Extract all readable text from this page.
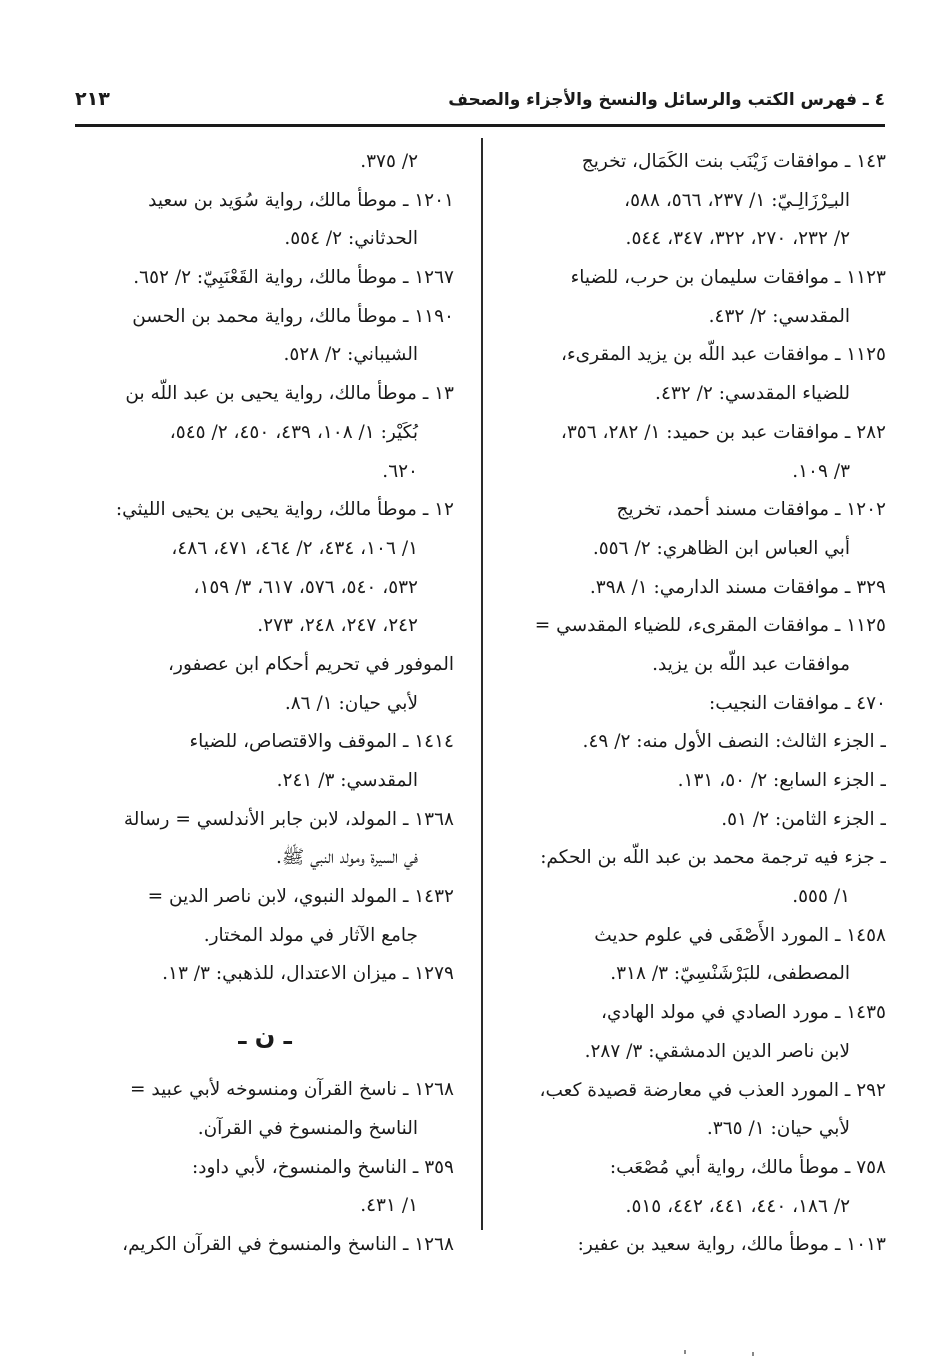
٤ ـ فهرس الكتب والرسائل والنسخ والأجزاء والصحف
٢١٣
١٤٣ ـ موافقات زَيْنَب بنت الكَمَال، تخريج
البـِرْزَالِـيّ: ١/ ٢٣٧، ٥٦٦، ٥٨٨،
٢/ ٢٣٢، ٢٧٠، ٣٢٢، ٣٤٧، ٥٤٤.
١١٢٣ ـ موافقات سليمان بن حرب، للضياء
المقدسي: ٢/ ٤٣٢.
١١٢٥ ـ موافقات عبد اللّه بن يزيد المقرىء،
للضياء المقدسي: ٢/ ٤٣٢.
٢٨٢ ـ موافقات عبد بن حميد: ١/ ٢٨٢، ٣٥٦،
٣/ ١٠٩.
١٢٠٢ ـ موافقات مسند أحمد، تخريج
أبي العباس ابن الظاهري: ٢/ ٥٥٦.
٣٢٩ ـ موافقات مسند الدارمي: ١/ ٣٩٨.
١١٢٥ ـ موافقات المقرىء، للضياء المقدسي =
موافقات عبد اللّه بن يزيد.
٤٧٠ ـ موافقات النجيب:
ـ الجزء الثالث: النصف الأول منه: ٢/ ٤٩.
ـ الجزء السابع: ٢/ ٥٠، ١٣١.
ـ الجزء الثامن: ٢/ ٥١.
ـ جزء فيه ترجمة محمد بن عبد اللّه بن الحكم:
١/ ٥٥٥.
١٤٥٨ ـ المورد الأَصْفَى في علوم حديث
المصطفى، للبَرْشَنْسِيّ: ٣/ ٣١٨.
١٤٣٥ ـ مورد الصادي في مولد الهادي،
لابن ناصر الدين الدمشقي: ٣/ ٢٨٧.
٢٩٢ ـ المورد العذب في معارضة قصيدة كعب،
لأبي حيان: ١/ ٣٦٥.
٧٥٨ ـ موطأ مالك، رواية أبي مُصْعَب:
٢/ ١٨٦، ٤٤٠، ٤٤١، ٤٤٢، ٥١٥.
١٠١٣ ـ موطأ مالك، رواية سعيد بن عفير:
٢/ ٣٧٥.
١٢٠١ ـ موطأ مالك، رواية سُوَيد بن سعيد
الحدثاني: ٢/ ٥٥٤.
١٢٦٧ ـ موطأ مالك، رواية القَعْنَبِيّ: ٢/ ٦٥٢.
١١٩٠ ـ موطأ مالك، رواية محمد بن الحسن
الشيباني: ٢/ ٥٢٨.
١٣ ـ موطأ مالك، رواية يحيى بن عبد اللّه بن
بُكَيْر: ١/ ١٠٨، ٤٣٩، ٤٥٠، ٢/ ٥٤٥،
٦٢٠.
١٢ ـ موطأ مالك، رواية يحيى بن يحيى الليثي:
١/ ١٠٦، ٤٣٤، ٢/ ٤٦٤، ٤٧١، ٤٨٦،
٥٣٢، ٥٤٠، ٥٧٦، ٦١٧، ٣/ ١٥٩،
٢٤٢، ٢٤٧، ٢٤٨، ٢٧٣.
الموفور في تحريم أحكام ابن عصفور،
لأبي حيان: ١/ ٨٦.
١٤١٤ ـ الموقف والاقتصاص، للضياء
المقدسي: ٣/ ٢٤١.
١٣٦٨ ـ المولد، لابن جابر الأندلسي = رسالة
في السيرة ومولد النبي ﷺ.
١٤٣٢ ـ المولد النبوي، لابن ناصر الدين =
جامع الآثار في مولد المختار.
١٢٧٩ ـ ميزان الاعتدال، للذهبي: ٣/ ١٣.
ـ ن ـ
١٢٦٨ ـ ناسخ القرآن ومنسوخه لأبي عبيد =
الناسخ والمنسوخ في القرآن.
٣٥٩ ـ الناسخ والمنسوخ، لأبي داود:
١/ ٤٣١.
١٢٦٨ ـ الناسخ والمنسوخ في القرآن الكريم،
